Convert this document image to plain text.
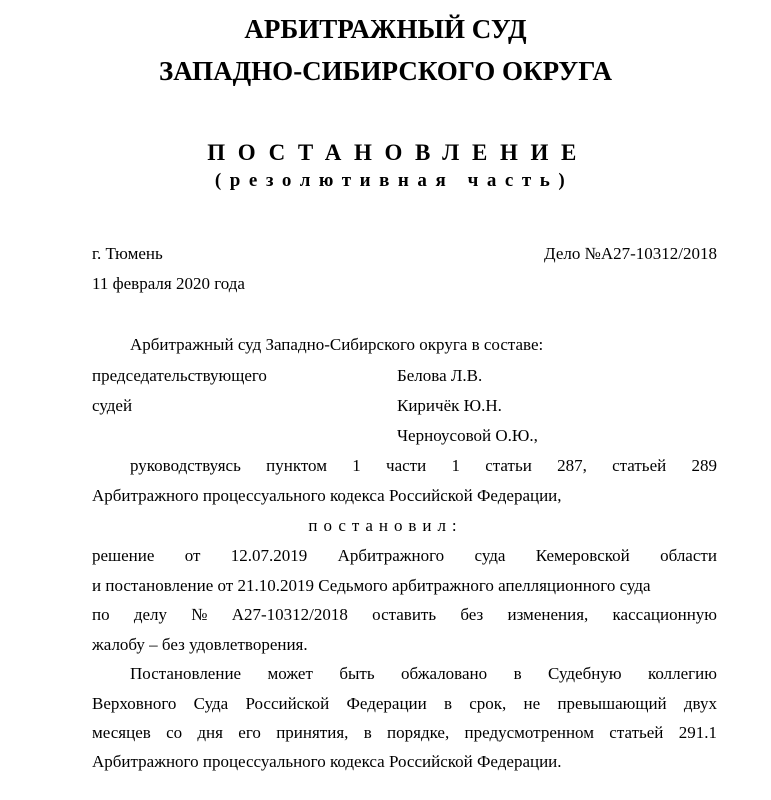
АРБИТРАЖНЫЙ СУД
ЗАПАДНО-СИБИРСКОГО ОКРУГА
ПОСТАНОВЛЕНИЕ
(резолютивная часть)
г. Тюмень	Дело №А27-10312/2018
11 февраля 2020 года
Арбитражный суд Западно-Сибирского округа в составе:
председательствующего
судей
Белова Л.В.
Киричёк Ю.Н.
Черноусовой О.Ю.,
руководствуясь пунктом 1 части 1 статьи 287, статьей 289
Арбитражного процессуального кодекса Российской Федерации,
постановил:
решение от 12.07.2019 Арбитражного суда Кемеровской области
и постановление от 21.10.2019 Седьмого арбитражного апелляционного суда
по делу № А27-10312/2018 оставить без изменения, кассационную
жалобу – без удовлетворения.
Постановление может быть обжаловано в Судебную коллегию
Верховного Суда Российской Федерации в срок, не превышающий двух
месяцев со дня его принятия, в порядке, предусмотренном статьей 291.1
Арбитражного процессуального кодекса Российской Федерации.
